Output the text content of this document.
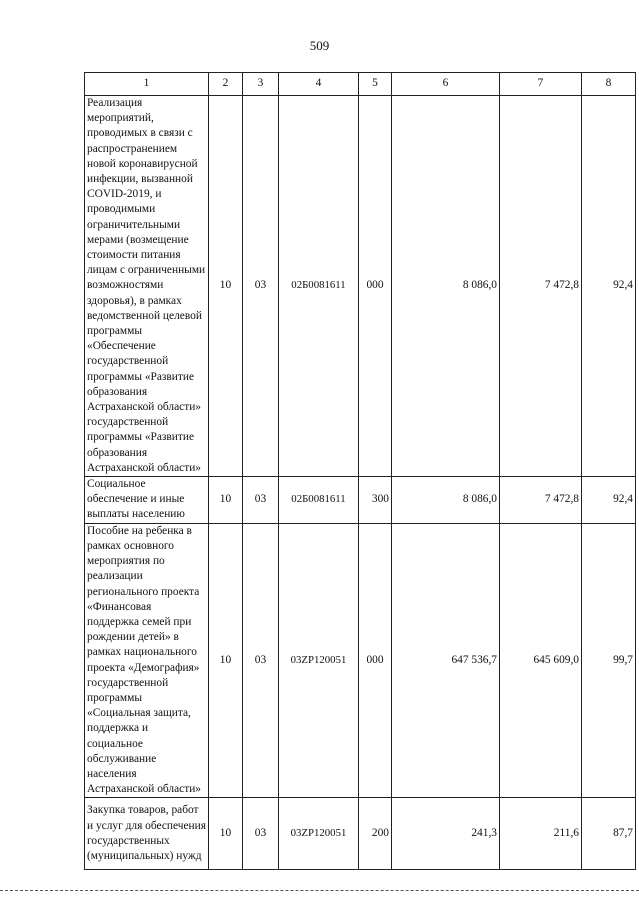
509
1	2	3	4	5	6	7	8
Реализация мероприятий, проводимых в связи с распространением новой коронавирусной инфекции, вызванной COVID-2019, и проводимыми ограничительными мерами (возмещение стоимости питания лицам с ограниченными возможностями здоровья), в рамках ведомственной целевой программы «Обеспечение государственной программы «Развитие образования Астраханской области» государственной программы «Развитие образования Астраханской области»	10	03	02Б0081611	000	8 086,0	7 472,8	92,4
Социальное обеспечение и иные выплаты населению	10	03	02Б0081611	300	8 086,0	7 472,8	92,4
Пособие на ребенка в рамках основного мероприятия по реализации регионального проекта «Финансовая поддержка семей при рождении детей» в рамках национального проекта «Демография» государственной программы «Социальная защита, поддержка и социальное обслуживание населения Астраханской области»	10	03	03ZP120051	000	647 536,7	645 609,0	99,7
Закупка товаров, работ и услуг для обеспечения государственных (муниципальных) нужд	10	03	03ZP120051	200	241,3	211,6	87,7
